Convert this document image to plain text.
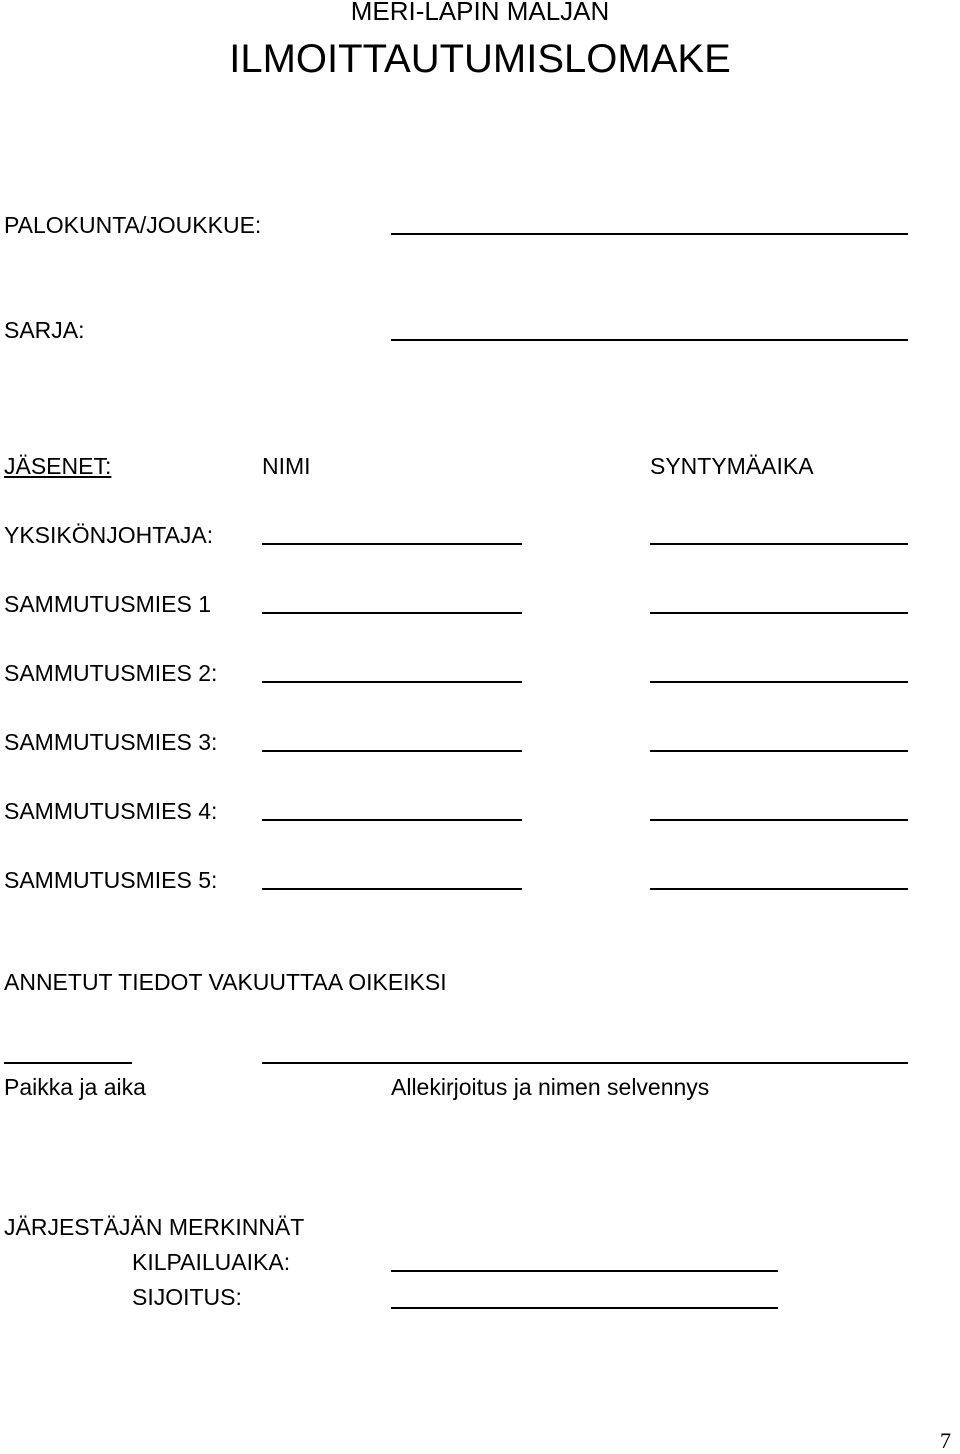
MERI-LAPIN MALJAN
ILMOITTAUTUMISLOMAKE
PALOKUNTA/JOUKKUE:
SARJA:
JÄSENET:	NIMI	SYNTYMÄAIKA
YKSIKÖNJOHTAJA:
SAMMUTUSMIES 1
SAMMUTUSMIES 2:
SAMMUTUSMIES 3:
SAMMUTUSMIES 4:
SAMMUTUSMIES 5:
ANNETUT TIEDOT VAKUUTTAA OIKEIKSI
Paikka ja aika	Allekirjoitus ja nimen selvennys
JÄRJESTÄJÄN MERKINNÄT
KILPAILUAIKA:
SIJOITUS:
7
